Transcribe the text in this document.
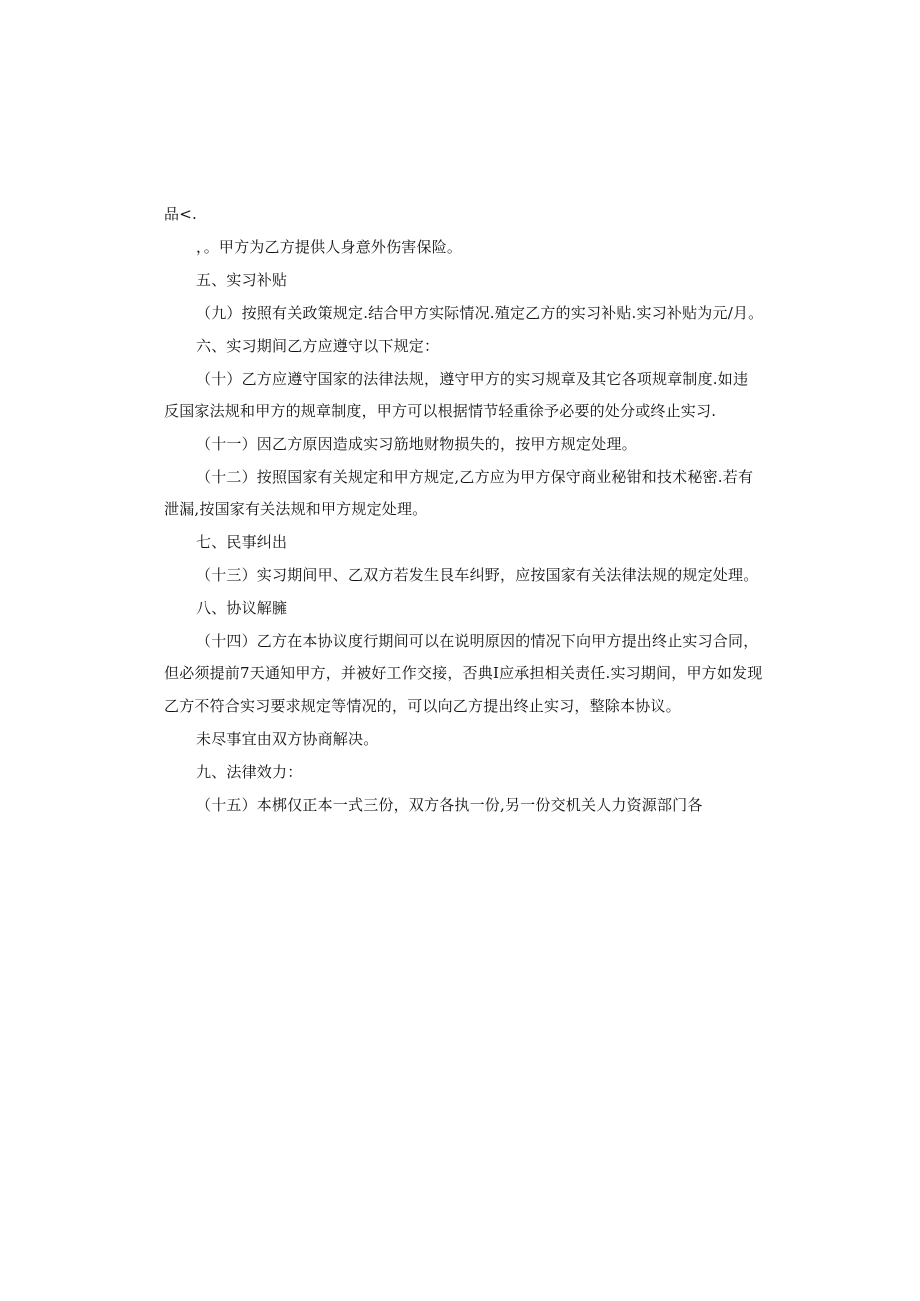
品<.
，。甲方为乙方提供人身意外伤害保险。
五、实习补贴
（九）按照有关政策规定.结合甲方实际情况.殖定乙方的实习补贴.实习补贴为元/月。
六、实习期间乙方应遵守以下规定：
（十）乙方应遵守国家的法律法规，遵守甲方的实习规章及其它各项规章制度.如违
反国家法规和甲方的规章制度，甲方可以根据情节轻重徐予必要的处分或终止实习.
（十一）因乙方原因造成实习筋地财物损失的，按甲方规定处理。
（十二）按照国家有关规定和甲方规定,乙方应为甲方保守商业秘钳和技术秘密.若有
泄漏,按国家有关法规和甲方规定处理。
七、民事纠出
（十三）实习期间甲、乙双方若发生艮车纠野，应按国家有关法律法规的规定处理。
八、协议解臃
（十四）乙方在本协议度行期间可以在说明原因的情况下向甲方提出终止实习合同，
但必须提前7天通知甲方，并被好工作交接，否典I应承担相关责任.实习期间，甲方如发现
乙方不符合实习要求规定等情况的，可以向乙方提出终止实习，整除本协议。
未尽事宜由双方协商解决。
九、法律效力：
（十五）本梆仅正本一式三份，双方各执一份,另一份交机关人力资源部门各
